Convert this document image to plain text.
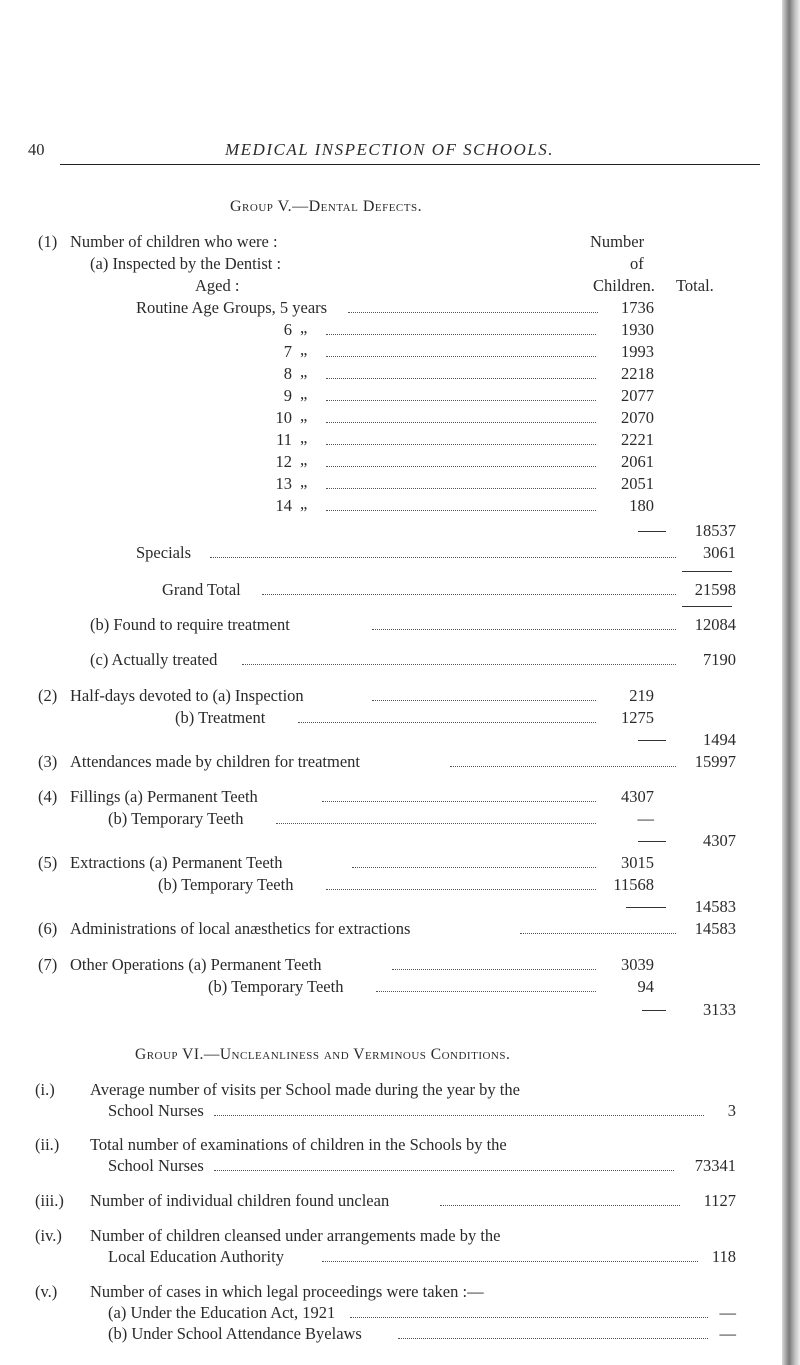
40	MEDICAL INSPECTION OF SCHOOLS.
Group V.—Dental Defects.
(1) Number of children who were :
(a) Inspected by the Dentist :
Aged :
Number
of
Children. Total.
Routine Age Groups, 5 years	1736
6 „	1930
7 „	1993
8 „	2218
9 „	2077
10 „	2070
11 „	2221
12 „	2061
13 „	2051
14 „	180
18537
Specials	3061
Grand Total	21598
(b) Found to require treatment	12084
(c) Actually treated	7190
(2) Half-days devoted to (a) Inspection	219
(b) Treatment	1275
1494
(3) Attendances made by children for treatment	15997
(4) Fillings (a) Permanent Teeth	4307
(b) Temporary Teeth	—
4307
(5) Extractions (a) Permanent Teeth	3015
(b) Temporary Teeth	11568
14583
(6) Administrations of local anæsthetics for extractions	14583
(7) Other Operations (a) Permanent Teeth	3039
(b) Temporary Teeth	94
3133
Group VI.—Uncleanliness and Verminous Conditions.
(i.) Average number of visits per School made during the year by the
School Nurses	3
(ii.) Total number of examinations of children in the Schools by the
School Nurses	73341
(iii.) Number of individual children found unclean	1127
(iv.) Number of children cleansed under arrangements made by the
Local Education Authority	118
(v.) Number of cases in which legal proceedings were taken :—
(a) Under the Education Act, 1921	—
(b) Under School Attendance Byelaws	—
